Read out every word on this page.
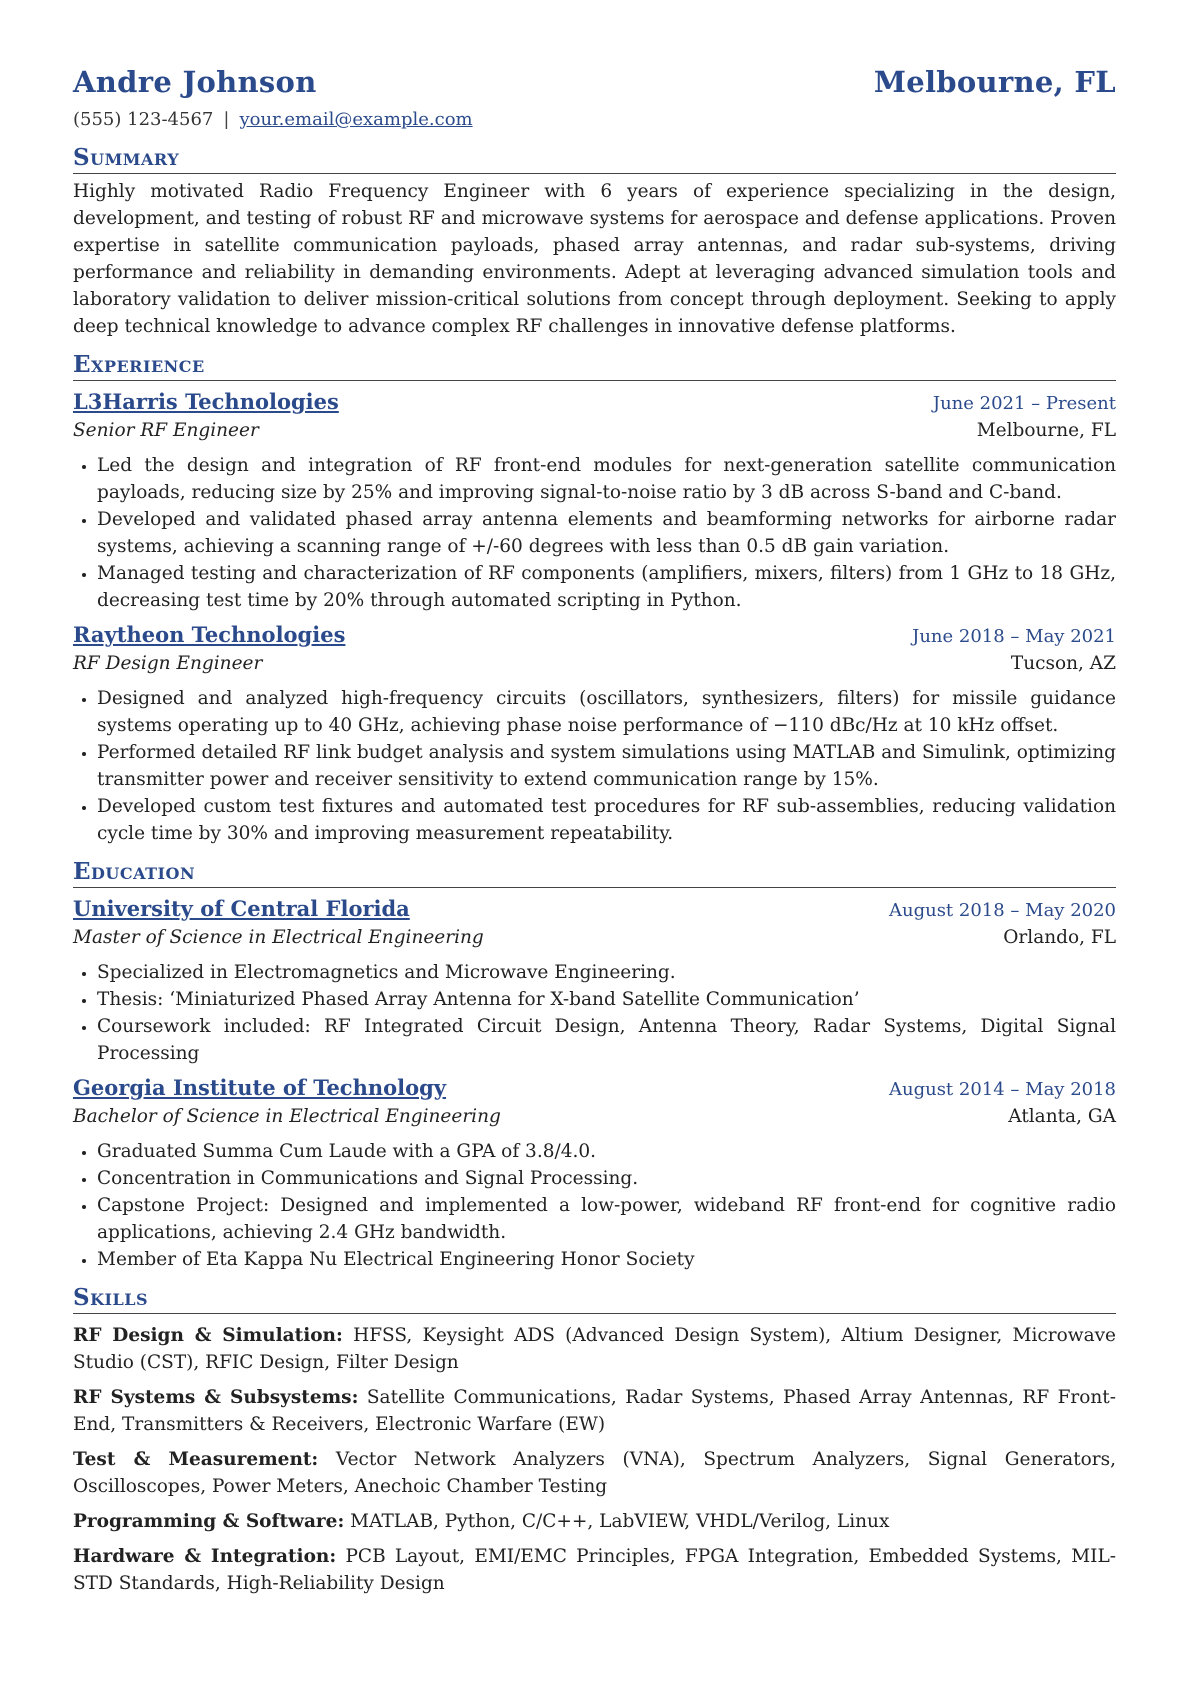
Andre Johnson	Melbourne, FL
(555) 123-4567 | your.email@example.com
Summary
Highly motivated Radio Frequency Engineer with 6 years of experience specializing in the design, development, and testing of robust RF and microwave systems for aerospace and defense applications. Proven expertise in satellite communication payloads, phased array antennas, and radar sub-systems, driving performance and reliability in demanding environments. Adept at leveraging advanced simulation tools and laboratory validation to deliver mission-critical solutions from concept through deployment. Seeking to apply deep technical knowledge to advance complex RF challenges in innovative defense platforms.
Experience
L3Harris Technologies	June 2021 – Present
Senior RF Engineer	Melbourne, FL
• Led the design and integration of RF front-end modules for next-generation satellite communication payloads, reducing size by 25% and improving signal-to-noise ratio by 3 dB across S-band and C-band.
• Developed and validated phased array antenna elements and beamforming networks for airborne radar systems, achieving a scanning range of +/-60 degrees with less than 0.5 dB gain variation.
• Managed testing and characterization of RF components (amplifiers, mixers, filters) from 1 GHz to 18 GHz, decreasing test time by 20% through automated scripting in Python.
Raytheon Technologies	June 2018 – May 2021
RF Design Engineer	Tucson, AZ
• Designed and analyzed high-frequency circuits (oscillators, synthesizers, filters) for missile guidance systems operating up to 40 GHz, achieving phase noise performance of −110 dBc/Hz at 10 kHz offset.
• Performed detailed RF link budget analysis and system simulations using MATLAB and Simulink, optimizing transmitter power and receiver sensitivity to extend communication range by 15%.
• Developed custom test fixtures and automated test procedures for RF sub-assemblies, reducing validation cycle time by 30% and improving measurement repeatability.
Education
University of Central Florida	August 2018 – May 2020
Master of Science in Electrical Engineering	Orlando, FL
• Specialized in Electromagnetics and Microwave Engineering.
• Thesis: ‘Miniaturized Phased Array Antenna for X-band Satellite Communication’
• Coursework included: RF Integrated Circuit Design, Antenna Theory, Radar Systems, Digital Signal Processing
Georgia Institute of Technology	August 2014 – May 2018
Bachelor of Science in Electrical Engineering	Atlanta, GA
• Graduated Summa Cum Laude with a GPA of 3.8/4.0.
• Concentration in Communications and Signal Processing.
• Capstone Project: Designed and implemented a low-power, wideband RF front-end for cognitive radio applications, achieving 2.4 GHz bandwidth.
• Member of Eta Kappa Nu Electrical Engineering Honor Society
Skills
RF Design & Simulation: HFSS, Keysight ADS (Advanced Design System), Altium Designer, Microwave Studio (CST), RFIC Design, Filter Design
RF Systems & Subsystems: Satellite Communications, Radar Systems, Phased Array Antennas, RF Front-End, Transmitters & Receivers, Electronic Warfare (EW)
Test & Measurement: Vector Network Analyzers (VNA), Spectrum Analyzers, Signal Generators, Oscilloscopes, Power Meters, Anechoic Chamber Testing
Programming & Software: MATLAB, Python, C/C++, LabVIEW, VHDL/Verilog, Linux
Hardware & Integration: PCB Layout, EMI/EMC Principles, FPGA Integration, Embedded Systems, MIL-STD Standards, High-Reliability Design
